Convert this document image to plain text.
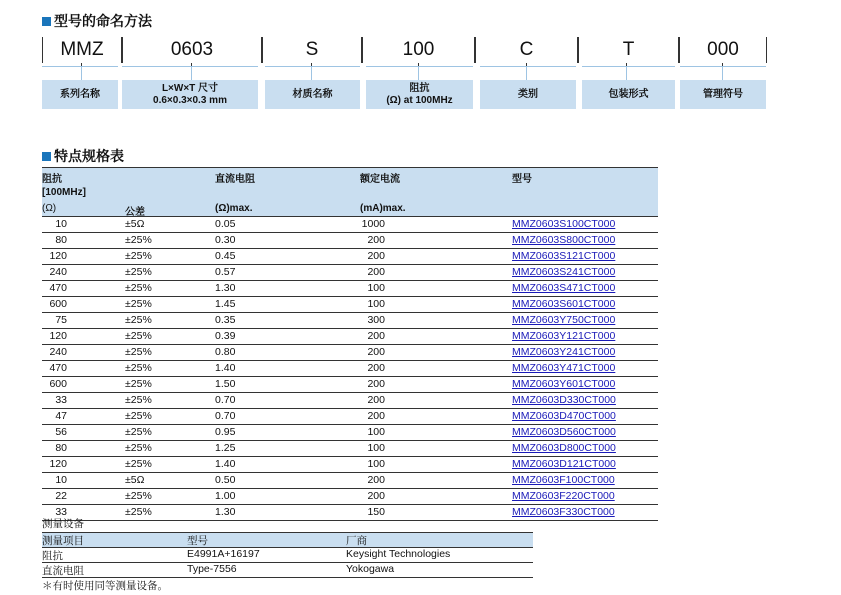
型号的命名方法
MMZ	0603	S	100	C	T	000
系列名称
L×W×T 尺寸
0.6×0.3×0.3 mm
材质名称
阻抗
(Ω) at 100MHz
类别	包装形式	管理符号
特点规格表
阻抗
[100MHz]
(Ω)	公差
直流电阻
(Ω)max.
额定电流
(mA)max.
型号
10	±5Ω	0.05	1000	MMZ0603S100CT000
80	±25%	0.30	200	MMZ0603S800CT000
120	±25%	0.45	200	MMZ0603S121CT000
240	±25%	0.57	200	MMZ0603S241CT000
470	±25%	1.30	100	MMZ0603S471CT000
600	±25%	1.45	100	MMZ0603S601CT000
75	±25%	0.35	300	MMZ0603Y750CT000
120	±25%	0.39	200	MMZ0603Y121CT000
240	±25%	0.80	200	MMZ0603Y241CT000
470	±25%	1.40	200	MMZ0603Y471CT000
600	±25%	1.50	200	MMZ0603Y601CT000
33	±25%	0.70	200	MMZ0603D330CT000
47	±25%	0.70	200	MMZ0603D470CT000
56	±25%	0.95	100	MMZ0603D560CT000
80	±25%	1.25	100	MMZ0603D800CT000
120	±25%	1.40	100	MMZ0603D121CT000
10	±5Ω	0.50	200	MMZ0603F100CT000
22	±25%	1.00	200	MMZ0603F220CT000
33	±25%	1.30	150	MMZ0603F330CT000
测量设备
测量项目	型号	厂商
阻抗	E4991A+16197	Keysight Technologies
直流电阻	Type-7556	Yokogawa
＊有时使用同等测量设备。
